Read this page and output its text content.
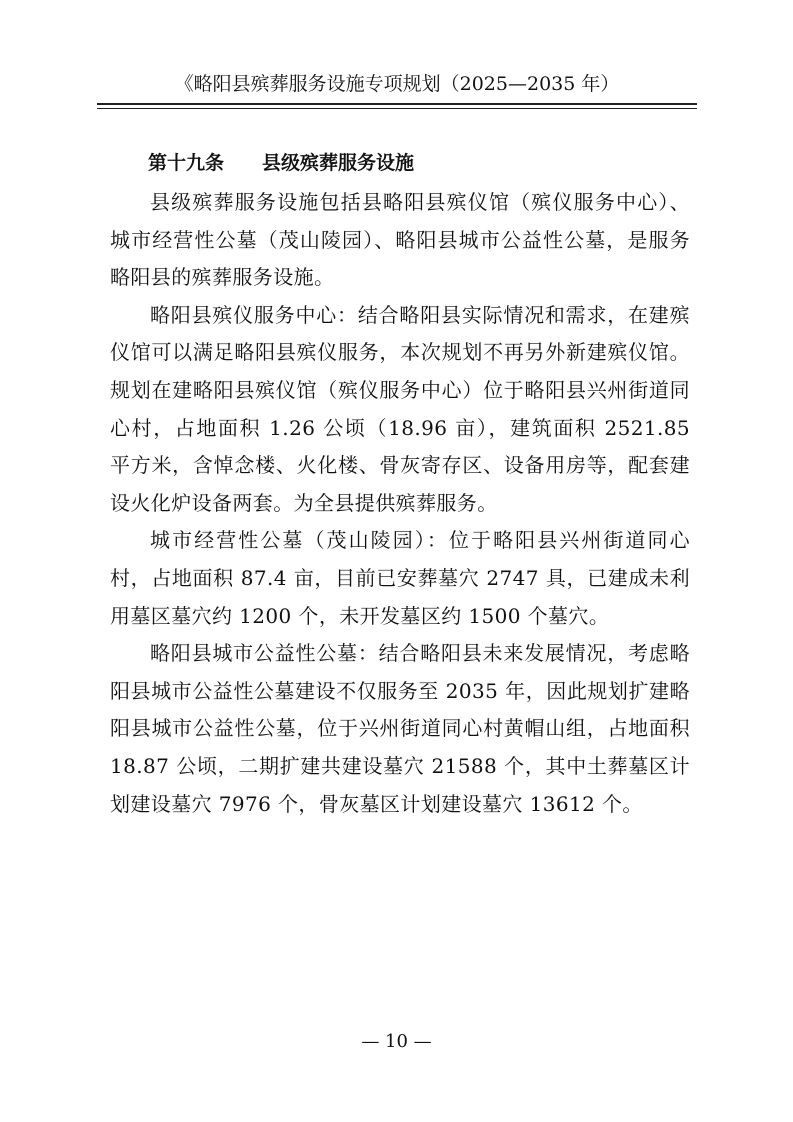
《略阳县殡葬服务设施专项规划（2025—2035 年）
第十九条 县级殡葬服务设施

县级殡葬服务设施包括县略阳县殡仪馆（殡仪服务中心）、城市经营性公墓（茂山陵园）、略阳县城市公益性公墓，是服务略阳县的殡葬服务设施。

略阳县殡仪服务中心：结合略阳县实际情况和需求，在建殡仪馆可以满足略阳县殡仪服务，本次规划不再另外新建殡仪馆。规划在建略阳县殡仪馆（殡仪服务中心）位于略阳县兴州街道同心村，占地面积 1.26 公顷（18.96 亩），建筑面积 2521.85 平方米，含悼念楼、火化楼、骨灰寄存区、设备用房等，配套建设火化炉设备两套。为全县提供殡葬服务。

城市经营性公墓（茂山陵园）：位于略阳县兴州街道同心村，占地面积 87.4 亩，目前已安葬墓穴 2747 具，已建成未利用墓区墓穴约 1200 个，未开发墓区约 1500 个墓穴。

略阳县城市公益性公墓：结合略阳县未来发展情况，考虑略阳县城市公益性公墓建设不仅服务至 2035 年，因此规划扩建略阳县城市公益性公墓，位于兴州街道同心村黄帽山组，占地面积 18.87 公顷，二期扩建共建设墓穴 21588 个，其中土葬墓区计划建设墓穴 7976 个，骨灰墓区计划建设墓穴 13612 个。

— 10 —
